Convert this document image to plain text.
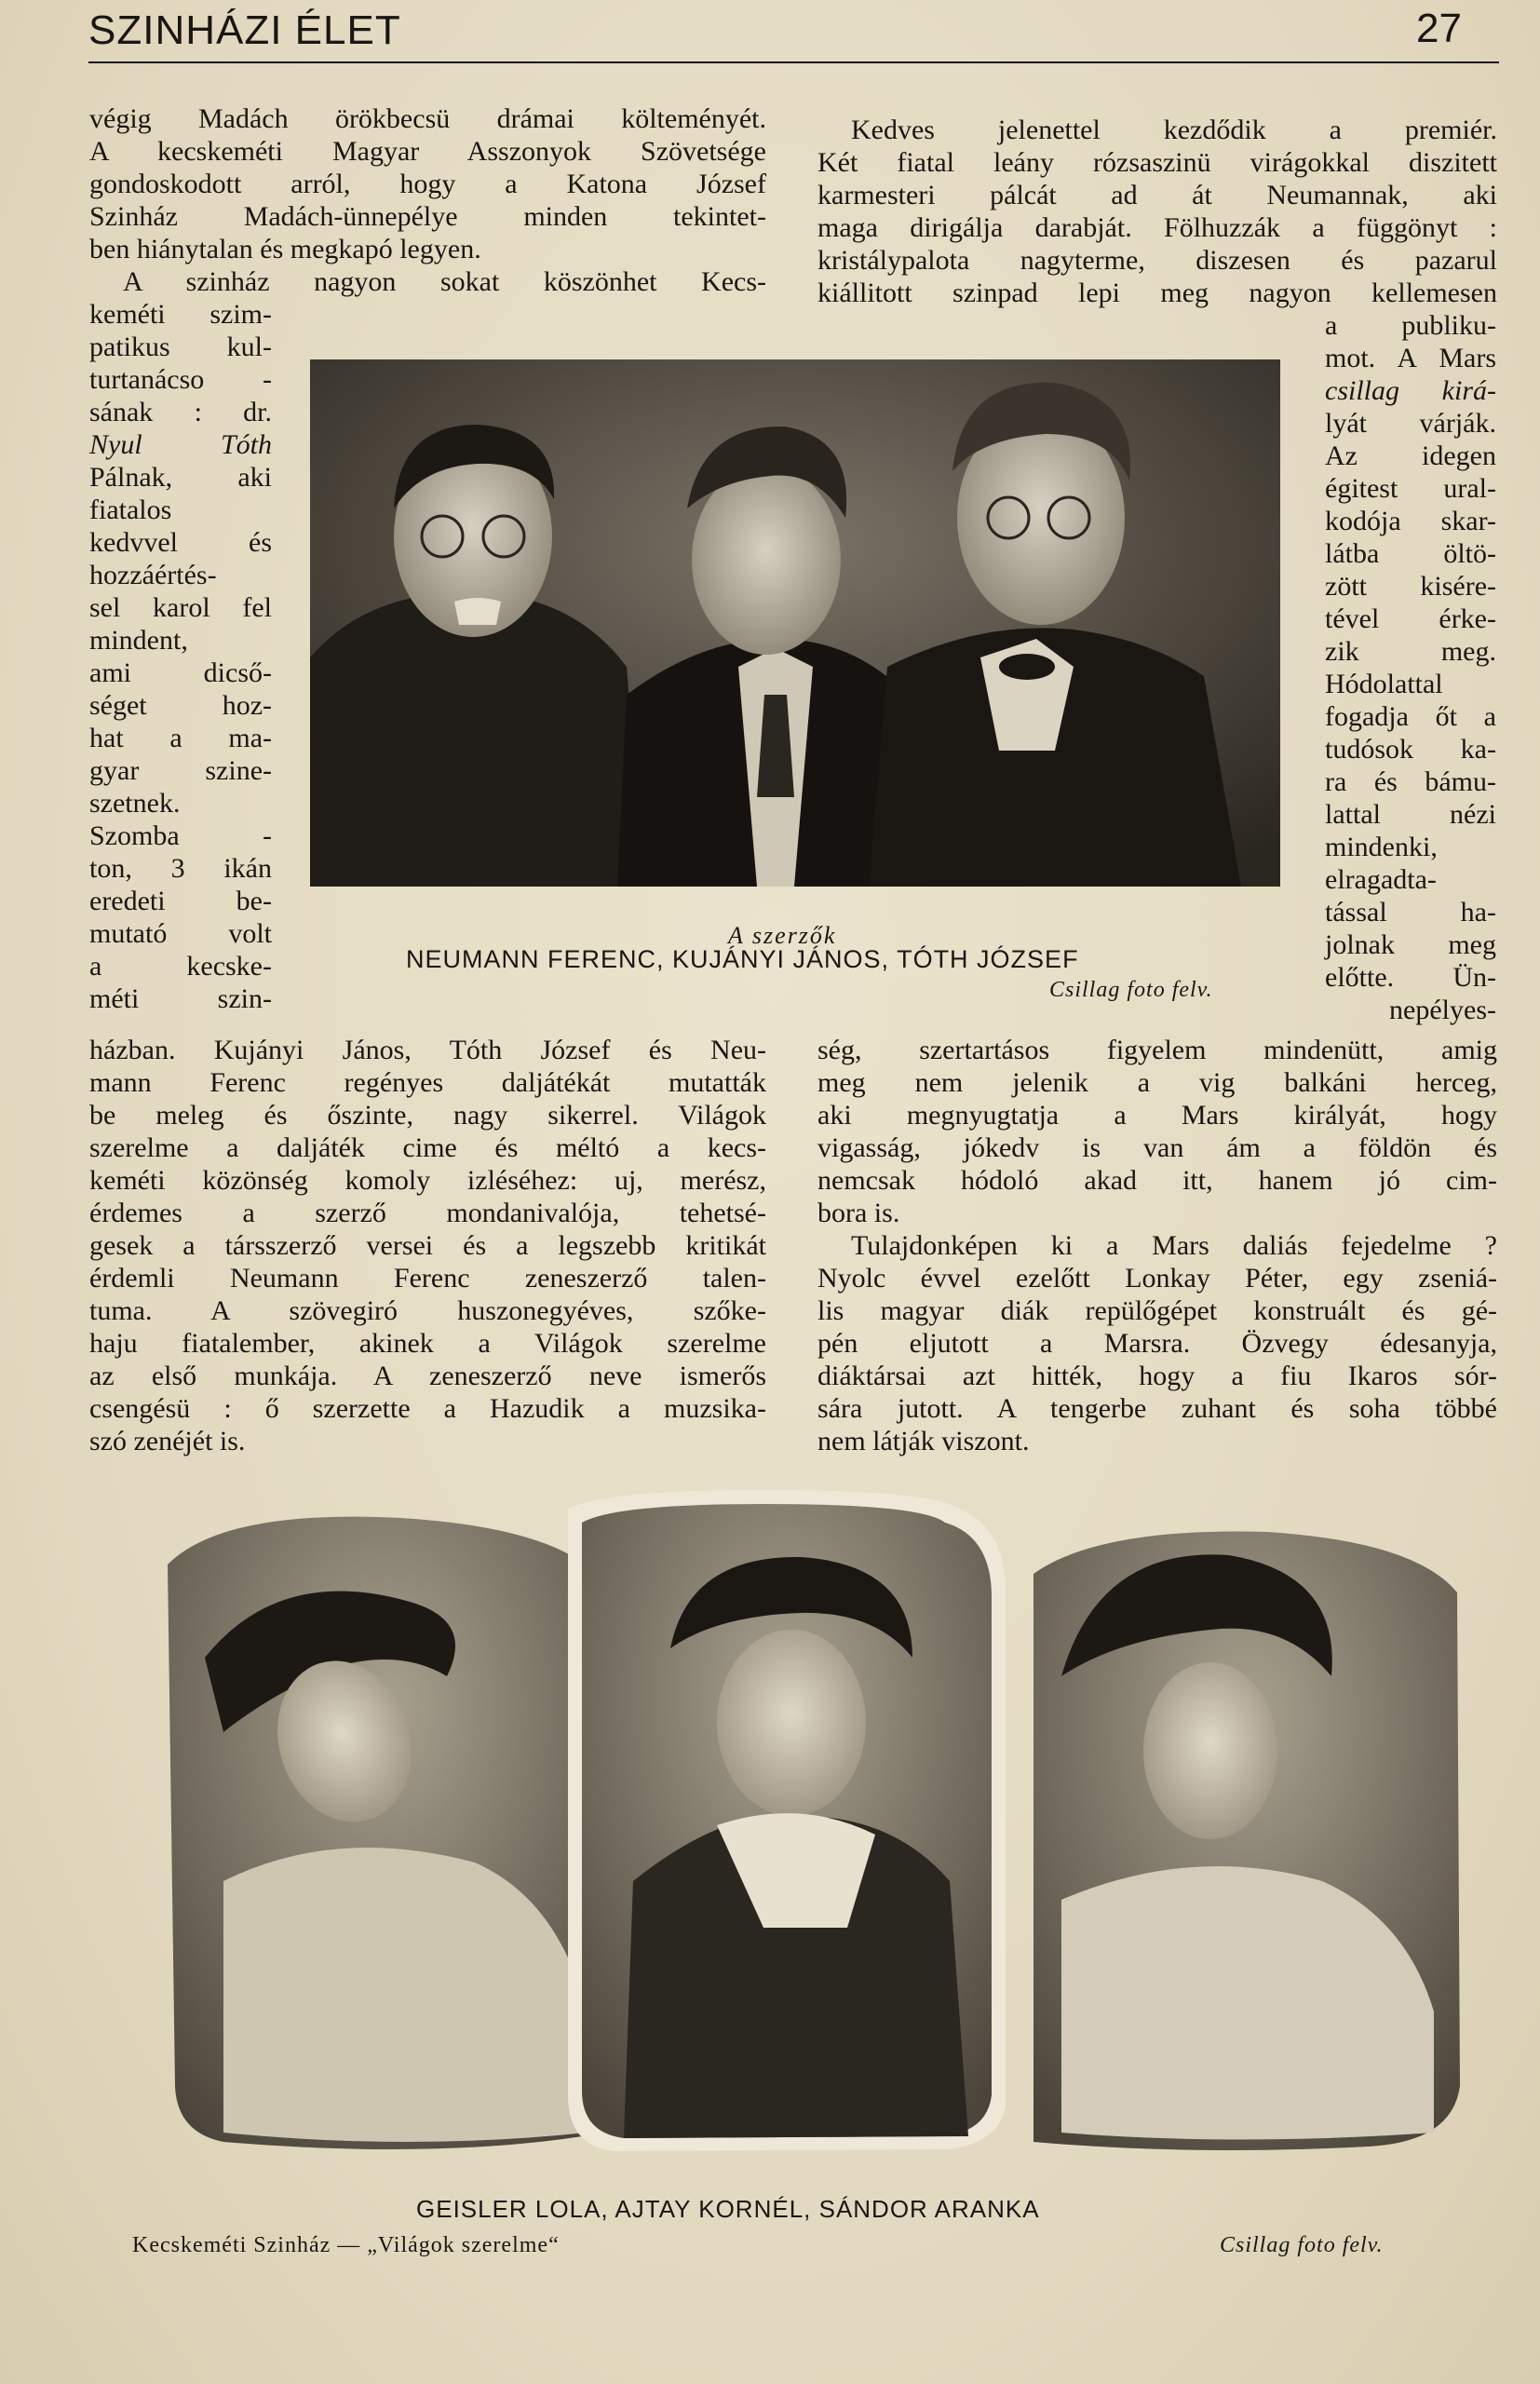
SZINHÁZI ÉLET	27
végig Madách örökbecsü drámai költeményét.
A kecskeméti Magyar Asszonyok Szövetsége
gondoskodott arról, hogy a Katona József
Szinház Madách-ünnepélye minden tekintet-
ben hiánytalan és megkapó legyen.
A szinház nagyon sokat köszönhet Kecs-
keméti szim-
patikus kul-
turtanácso -
sának : dr.
Nyul Tóth
Pálnak, aki
fiatalos
kedvvel és
hozzáértés-
sel karol fel
mindent,
ami dicső-
séget hoz-
hat a ma-
gyar szine-
szetnek.
Szomba -
ton, 3 ikán
eredeti be-
mutató volt
a kecske-
méti szin-
házban. Kujányi János, Tóth József és Neu-
mann Ferenc regényes daljátékát mutatták
be meleg és őszinte, nagy sikerrel. Világok
szerelme a daljáték cime és méltó a kecs-
keméti közönség komoly izléséhez: uj, merész,
érdemes a szerző mondanivalója, tehetsé-
gesek a társszerző versei és a legszebb kritikát
érdemli Neumann Ferenc zeneszerző talen-
tuma. A szövegiró huszonegyéves, szőke-
haju fiatalember, akinek a Világok szerelme
az első munkája. A zeneszerző neve ismerős
csengésü : ő szerzette a Hazudik a muzsika-
szó zenéjét is.
Kedves jelenettel kezdődik a premiér.
Két fiatal leány rózsaszinü virágokkal diszitett
karmesteri pálcát ad át Neumannak, aki
maga dirigálja darabját. Fölhuzzák a függönyt :
kristálypalota nagyterme, diszesen és pazarul
kiállitott szinpad lepi meg nagyon kellemesen
a publiku-
mot. A Mars
csillag kirá-
lyát várják.
Az idegen
égitest ural-
kodója skar-
látba öltö-
zött kisére-
tével érke-
zik meg.
Hódolattal
fogadja őt a
tudósok ka-
ra és bámu-
lattal nézi
mindenki,
elragadta-
tással ha-
jolnak meg
előtte. Ün-
nepélyes-
ség, szertartásos figyelem mindenütt, amig
meg nem jelenik a vig balkáni herceg,
aki megnyugtatja a Mars királyát, hogy
vigasság, jókedv is van ám a földön és
nemcsak hódoló akad itt, hanem jó cim-
bora is.
Tulajdonképen ki a Mars daliás fejedelme ?
Nyolc évvel ezelőtt Lonkay Péter, egy zseniá-
lis magyar diák repülőgépet konstruált és gé-
pén eljutott a Marsra. Özvegy édesanyja,
diáktársai azt hitték, hogy a fiu Ikaros sór-
sára jutott. A tengerbe zuhant és soha többé
nem látják viszont.
A szerzők
NEUMANN FERENC, KUJÁNYI JÁNOS, TÓTH JÓZSEF
Csillag foto felv.
GEISLER LOLA, AJTAY KORNÉL, SÁNDOR ARANKA
Kecskeméti Szinház — „Világok szerelme“	Csillag foto felv.
